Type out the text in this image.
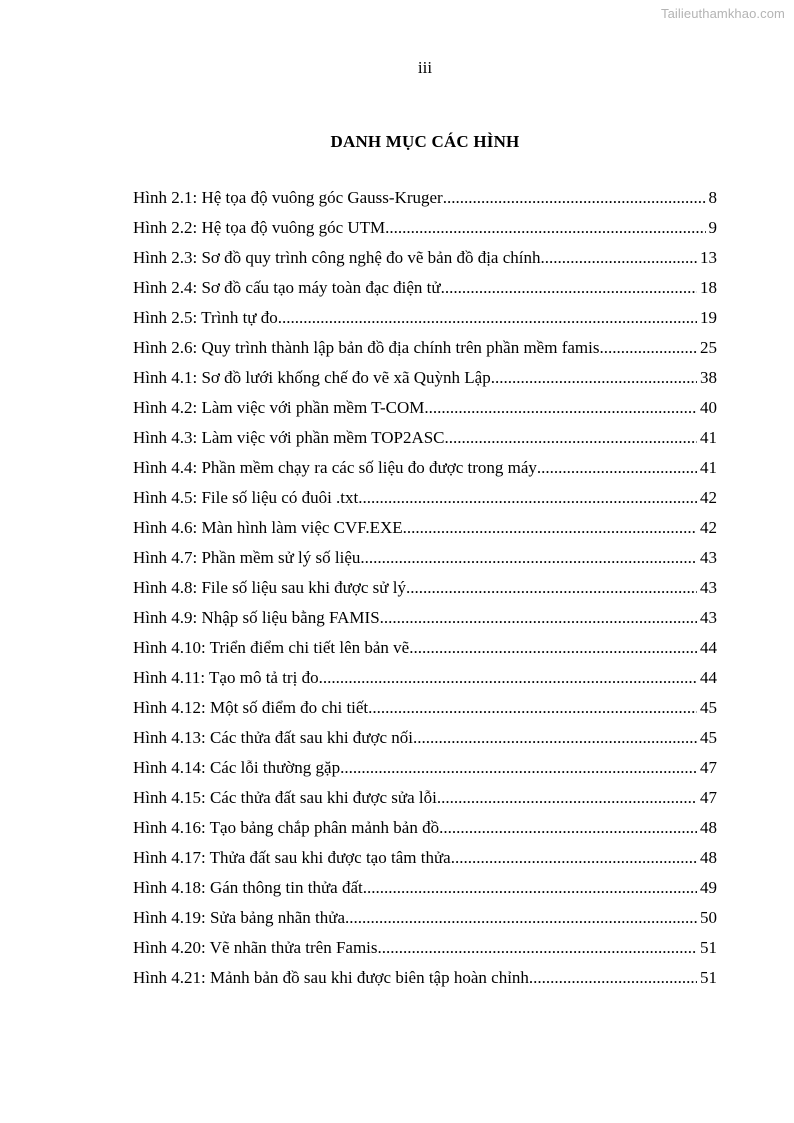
Tailieuthamkhao.com
iii
DANH MỤC CÁC HÌNH
Hình 2.1: Hệ tọa độ vuông góc Gauss-Kruger .....	8
Hình 2.2: Hệ tọa độ vuông góc UTM .....	9
Hình 2.3: Sơ đồ quy trình công nghệ đo vẽ bản đồ địa chính .....	13
Hình 2.4: Sơ đồ cấu tạo máy toàn đạc điện tử .....	18
Hình 2.5: Trình tự đo .....	19
Hình 2.6: Quy trình thành lập bản đồ địa chính trên phần mềm famis .....	25
Hình 4.1: Sơ đồ lưới khống chế đo vẽ xã Quỳnh Lập .....	38
Hình 4.2: Làm việc với phần mềm T-COM .....	40
Hình 4.3: Làm việc với phần mềm TOP2ASC .....	41
Hình 4.4: Phần mềm chạy ra các số liệu đo được trong máy .....	41
Hình 4.5: File số liệu có đuôi .txt .....	42
Hình 4.6: Màn hình làm việc CVF.EXE .....	42
Hình 4.7: Phần mềm sử lý số liệu .....	43
Hình 4.8: File số liệu sau khi được sử lý .....	43
Hình 4.9: Nhập số liệu bằng FAMIS .....	43
Hình 4.10: Triển điểm chi tiết lên bản vẽ .....	44
Hình 4.11: Tạo mô tả trị đo .....	44
Hình 4.12: Một số điểm đo chi tiết .....	45
Hình 4.13: Các thửa đất sau khi được nối .....	45
Hình 4.14: Các lỗi thường gặp .....	47
Hình 4.15: Các thửa đất sau khi được sửa lỗi .....	47
Hình 4.16: Tạo bảng chắp phân mảnh bản đồ .....	48
Hình 4.17: Thửa đất sau khi được tạo tâm thửa .....	48
Hình 4.18: Gán thông tin thửa đất .....	49
Hình 4.19: Sửa bảng nhãn thửa .....	50
Hình 4.20: Vẽ nhãn thửa trên Famis .....	51
Hình 4.21: Mảnh bản đồ sau khi được biên tập hoàn chỉnh .....	51
